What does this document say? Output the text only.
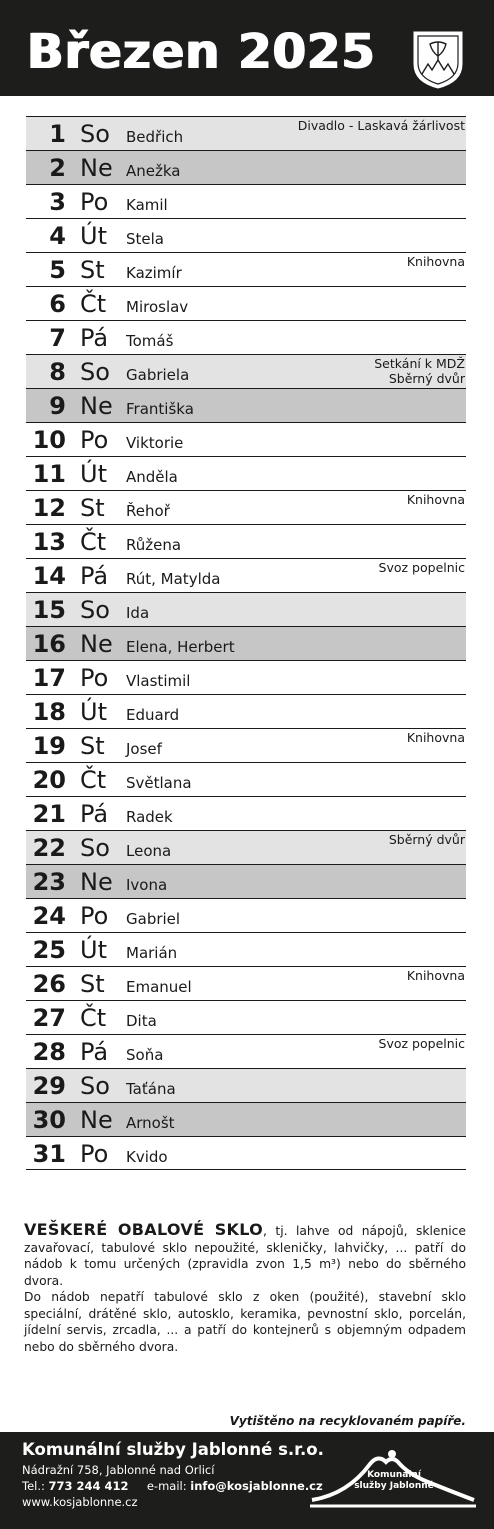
Březen 2025
1 So Bedřich
Divadlo - Laskavá žárlivost
2 Ne Anežka
3 Po Kamil
4 Út Stela
5 St Kazimír
Knihovna
6 Čt Miroslav
7 Pá Tomáš
8 So Gabriela
Setkání k MDŽ
Sběrný dvůr
9 Ne Františka
10 Po Viktorie
11 Út Anděla
12 St Řehoř
Knihovna
13 Čt Růžena
14 Pá Rút, Matylda
Svoz popelnic
15 So Ida
16 Ne Elena, Herbert
17 Po Vlastimil
18 Út Eduard
19 St Josef
Knihovna
20 Čt Světlana
21 Pá Radek
22 So Leona
Sběrný dvůr
23 Ne Ivona
24 Po Gabriel
25 Út Marián
26 St Emanuel
Knihovna
27 Čt Dita
28 Pá Soňa
Svoz popelnic
29 So Taťána
30 Ne Arnošt
31 Po Kvido

VEŠKERÉ OBALOVÉ SKLO, tj. lahve od nápojů, sklenice zavařovací, tabulové sklo nepoužité, skleničky, lahvičky, ... patří do nádob k tomu určených (zpravidla zvon 1,5 m³) nebo do sběrného dvora.

Do nádob nepatří tabulové sklo z oken (použité), stavební sklo speciální, drátěné sklo, autosklo, keramika, pevnostní sklo, porcelán, jídelní servis, zrcadla, ... a patří do kontejnerů s objemným odpadem nebo do sběrného dvora.

Vytištěno na recyklovaném papíře.
Komunální služby Jablonné s.r.o.
Nádražní 758, Jablonné nad Orlicí
Tel.: 773 244 412 e-mail: info@kosjablonne.cz
www.kosjablonne.cz
Komunální
služby Jablonné
